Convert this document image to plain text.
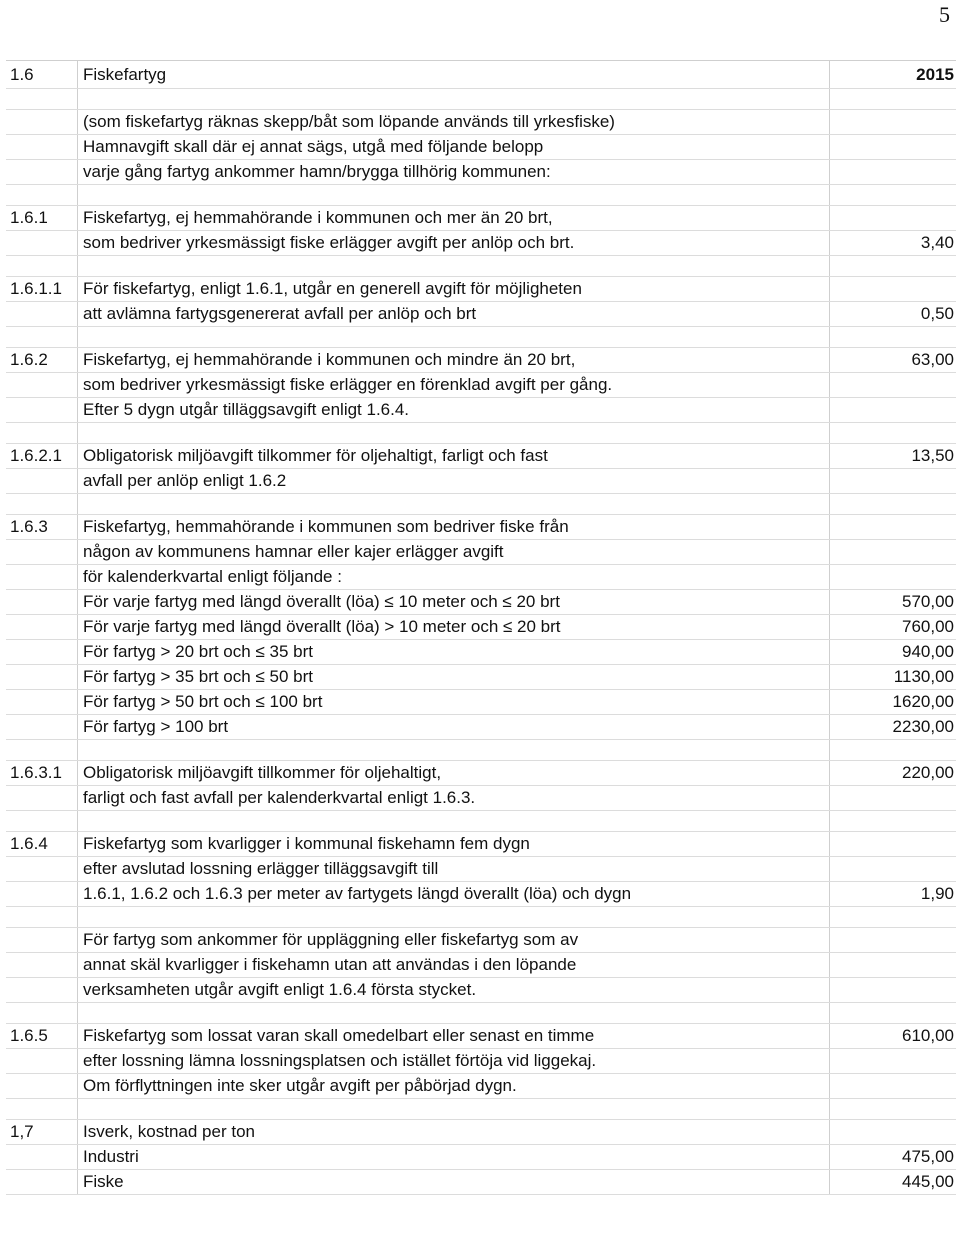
5
1.6	Fiskefartyg	2015
(som fiskefartyg räknas skepp/båt som löpande används till yrkesfiske)
Hamnavgift skall där ej annat sägs, utgå med följande belopp
varje gång fartyg ankommer hamn/brygga tillhörig kommunen:
1.6.1	Fiskefartyg, ej hemmahörande i kommunen och mer än 20 brt,
som bedriver yrkesmässigt fiske erlägger avgift per anlöp och brt.	3,40
1.6.1.1	För fiskefartyg, enligt 1.6.1, utgår en generell avgift för möjligheten
att avlämna fartygsgenererat avfall per anlöp och brt	0,50
1.6.2	Fiskefartyg, ej hemmahörande i kommunen och mindre än 20 brt,	63,00
som bedriver yrkesmässigt fiske erlägger en förenklad avgift per gång.
Efter 5 dygn utgår tilläggsavgift enligt 1.6.4.
1.6.2.1	Obligatorisk miljöavgift tilkommer för oljehaltigt, farligt och fast	13,50
avfall per anlöp enligt 1.6.2
1.6.3	Fiskefartyg, hemmahörande i kommunen som bedriver fiske från
någon av kommunens hamnar eller kajer erlägger avgift
för kalenderkvartal enligt följande :
För varje fartyg med längd överallt (löa) ≤ 10 meter och ≤ 20 brt	570,00
För varje fartyg med längd överallt (löa) > 10 meter och ≤ 20 brt	760,00
För fartyg > 20 brt och ≤ 35 brt	940,00
För fartyg > 35 brt och ≤ 50 brt	1130,00
För fartyg > 50 brt och ≤ 100 brt	1620,00
För fartyg > 100 brt	2230,00
1.6.3.1	Obligatorisk miljöavgift tillkommer för oljehaltigt,	220,00
farligt och fast avfall per kalenderkvartal enligt 1.6.3.
1.6.4	Fiskefartyg som kvarligger i kommunal fiskehamn fem dygn
efter avslutad lossning erlägger tilläggsavgift till
1.6.1, 1.6.2 och 1.6.3 per meter av fartygets längd överallt (löa) och dygn	1,90
För fartyg som ankommer för uppläggning eller fiskefartyg som av
annat skäl kvarligger i fiskehamn utan att användas i den löpande
verksamheten utgår avgift enligt 1.6.4 första stycket.
1.6.5	Fiskefartyg som lossat varan skall omedelbart eller senast en timme	610,00
efter lossning lämna lossningsplatsen och istället förtöja vid liggekaj.
Om förflyttningen inte sker utgår avgift per påbörjad dygn.
1,7	Isverk, kostnad per ton
Industri	475,00
Fiske	445,00
